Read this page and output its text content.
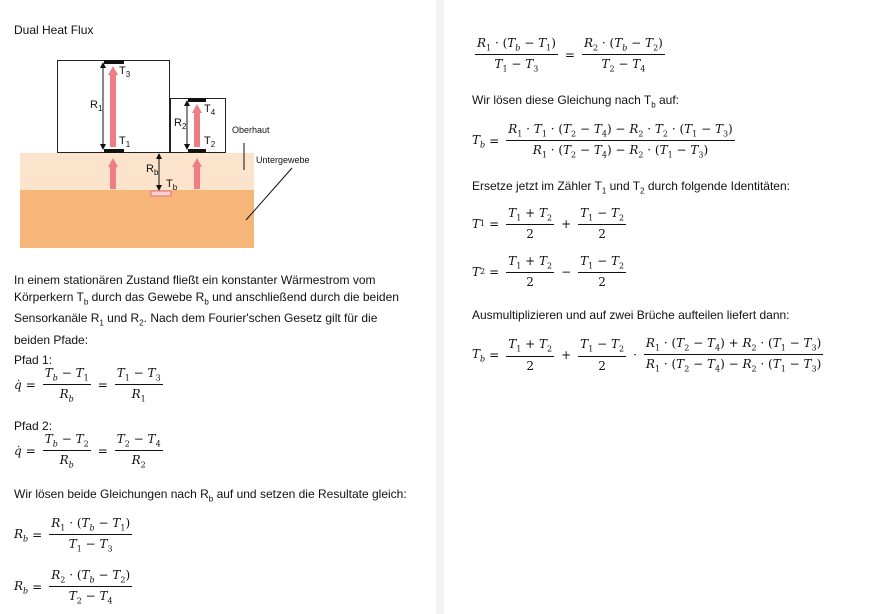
Dual Heat Flux
$R_1$
$T_3$
$T_1$
$R_2$
$T_4$
$T_2$
$R_b$
$T_b$
Oberhaut
Untergewebe
In einem stationären Zustand fließt ein konstanter Wärmestrom vom Körperkern $T_b$ durch das Gewebe $R_b$ und anschließend durch die beiden Sensorkanäle $R_1$ und $R_2$. Nach dem Fourier'schen Gesetz gilt für die beiden Pfade:
Pfad 1:
q̇ = $\frac{T_b - T_1}{R_b} = \frac{T_1 - T_3}{R_1}$
Pfad 2:
q̇ = $\frac{T_b - T_2}{R_b} = \frac{T_2 - T_4}{R_2}$
Wir lösen beide Gleichungen nach $R_b$ auf und setzen die Resultate gleich:
$R_b = \frac{R_1 \cdot (T_b - T_1)}{T_1 - T_3}$
$R_b = \frac{R_2 \cdot (T_b - T_2)}{T_2 - T_4}$
$\frac{R_1 \cdot (T_b - T_1)}{T_1 - T_3} = \frac{R_2 \cdot (T_b - T_2)}{T_2 - T_4}$
Wir lösen diese Gleichung nach $T_b$ auf:
$T_b = \frac{R_1 \cdot T_1 \cdot (T_2 - T_4) - R_2 \cdot T_2 \cdot (T_1 - T_3)}{R_1 \cdot (T_2 - T_4) - R_2 \cdot (T_1 - T_3)}$
Ersetze jetzt im Zähler $T_1$ und $T_2$ durch folgende Identitäten:
T $1 = \frac{T_1 + T_2}{2} + \frac{T_1 - T_2}{2}$
T $2 = \frac{T_1 + T_2}{2} - \frac{T_1 - T_2}{2}$
Ausmultiplizieren und auf zwei Brüche aufteilen liefert dann:
$T_b = \frac{T_1 + T_2}{2} + \frac{T_1 - T_2}{2} \cdot \frac{R_1 \cdot (T_2 - T_4) + R_2 \cdot (T_1 - T_3)}{R_1 \cdot (T_2 - T_4) - R_2 \cdot (T_1 - T_3)}$
